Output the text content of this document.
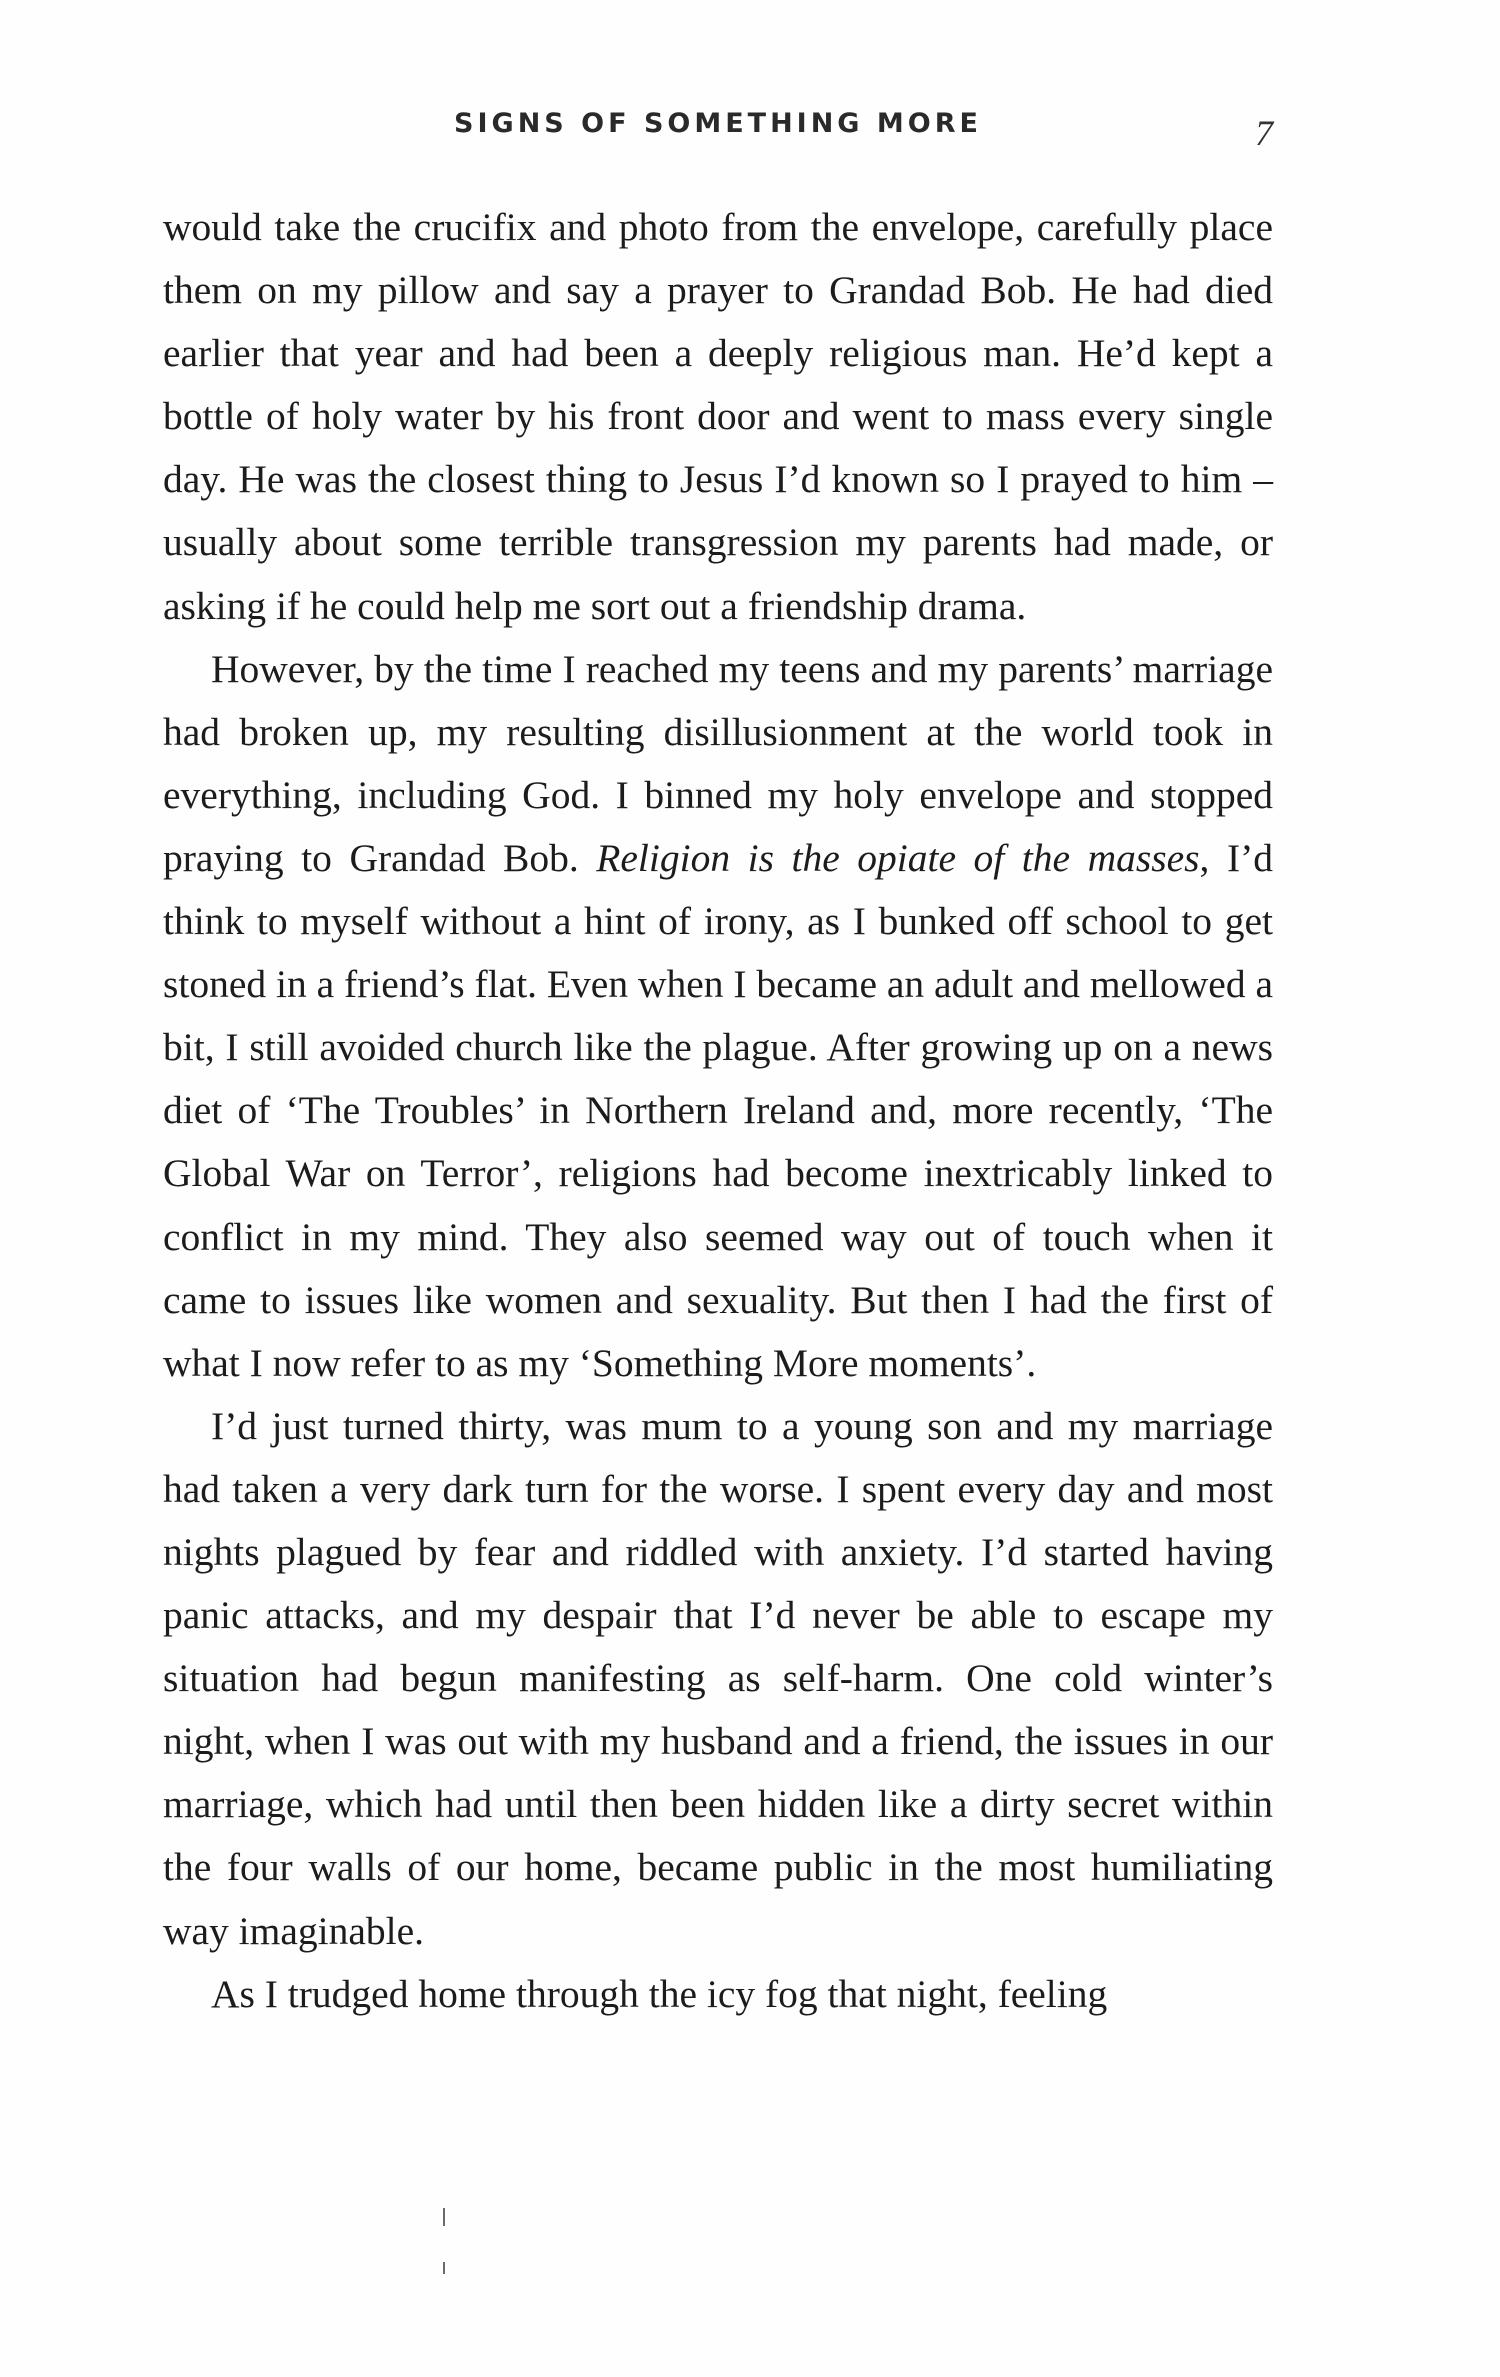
SIGNS OF SOMETHING MORE	7

would take the crucifix and photo from the envelope, carefully place them on my pillow and say a prayer to Grandad Bob. He had died earlier that year and had been a deeply religious man. He’d kept a bottle of holy water by his front door and went to mass every single day. He was the closest thing to Jesus I’d known so I prayed to him – usually about some terrible transgression my parents had made, or asking if he could help me sort out a friendship drama.

However, by the time I reached my teens and my parents’ marriage had broken up, my resulting disillusionment at the world took in everything, including God. I binned my holy envelope and stopped praying to Grandad Bob. Religion is the opiate of the masses, I’d think to myself without a hint of irony, as I bunked off school to get stoned in a friend’s flat. Even when I became an adult and mellowed a bit, I still avoided church like the plague. After growing up on a news diet of ‘The Troubles’ in Northern Ireland and, more recently, ‘The Global War on Terror’, religions had become inextricably linked to conflict in my mind. They also seemed way out of touch when it came to issues like women and sexuality. But then I had the first of what I now refer to as my ‘Something More moments’.

I’d just turned thirty, was mum to a young son and my marriage had taken a very dark turn for the worse. I spent every day and most nights plagued by fear and riddled with anxiety. I’d started having panic attacks, and my despair that I’d never be able to escape my situation had begun manifesting as self-harm. One cold winter’s night, when I was out with my husband and a friend, the issues in our marriage, which had until then been hidden like a dirty secret within the four walls of our home, became public in the most humiliating way imaginable.

As I trudged home through the icy fog that night, feeling
